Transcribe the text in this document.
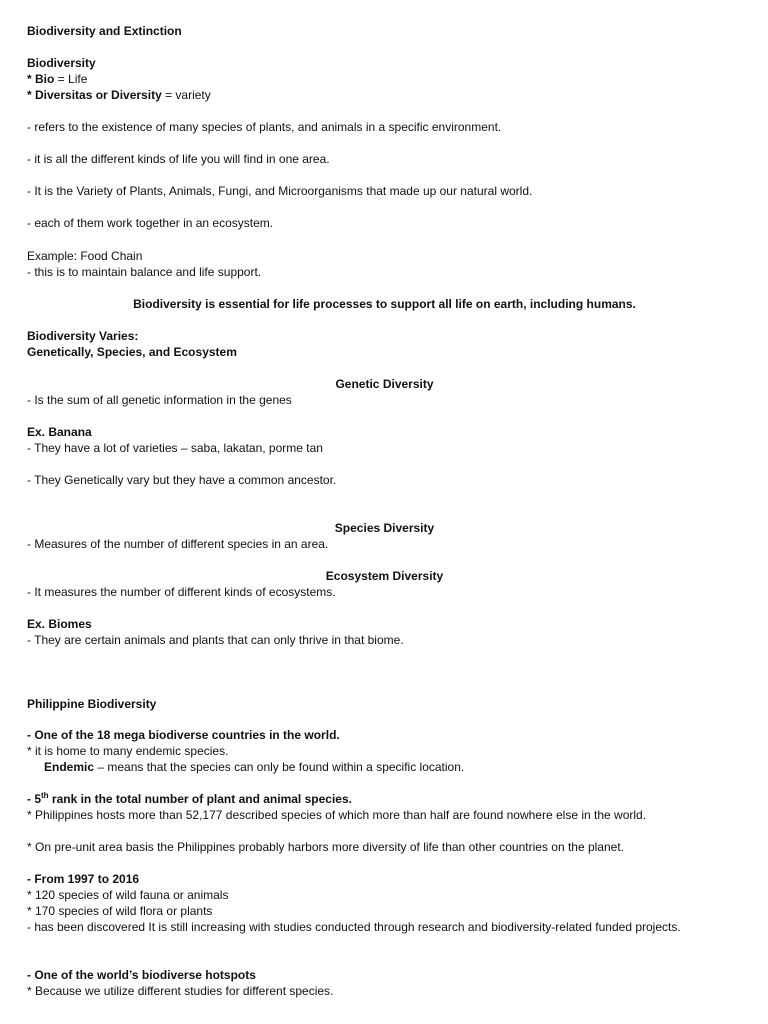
Biodiversity and Extinction
Biodiversity
* Bio = Life
* Diversitas or Diversity = variety
- refers to the existence of many species of plants, and animals in a specific environment.
- it is all the different kinds of life you will find in one area.
- It is the Variety of Plants, Animals, Fungi, and Microorganisms that made up our natural world.
- each of them work together in an ecosystem.
Example: Food Chain
- this is to maintain balance and life support.
Biodiversity is essential for life processes to support all life on earth, including humans.
Biodiversity Varies:
Genetically, Species, and Ecosystem
Genetic Diversity
- Is the sum of all genetic information in the genes
Ex. Banana
- They have a lot of varieties – saba, lakatan, porme tan
- They Genetically vary but they have a common ancestor.
Species Diversity
- Measures of the number of different species in an area.
Ecosystem Diversity
- It measures the number of different kinds of ecosystems.
Ex. Biomes
- They are certain animals and plants that can only thrive in that biome.
Philippine Biodiversity
- One of the 18 mega biodiverse countries in the world.
* it is home to many endemic species.
Endemic – means that the species can only be found within a specific location.
- 5th rank in the total number of plant and animal species.
* Philippines hosts more than 52,177 described species of which more than half are found nowhere else in the world.
* On pre-unit area basis the Philippines probably harbors more diversity of life than other countries on the planet.
- From 1997 to 2016
* 120 species of wild fauna or animals
* 170 species of wild flora or plants
- has been discovered It is still increasing with studies conducted through research and biodiversity-related funded projects.
- One of the world’s biodiverse hotspots
* Because we utilize different studies for different species.
